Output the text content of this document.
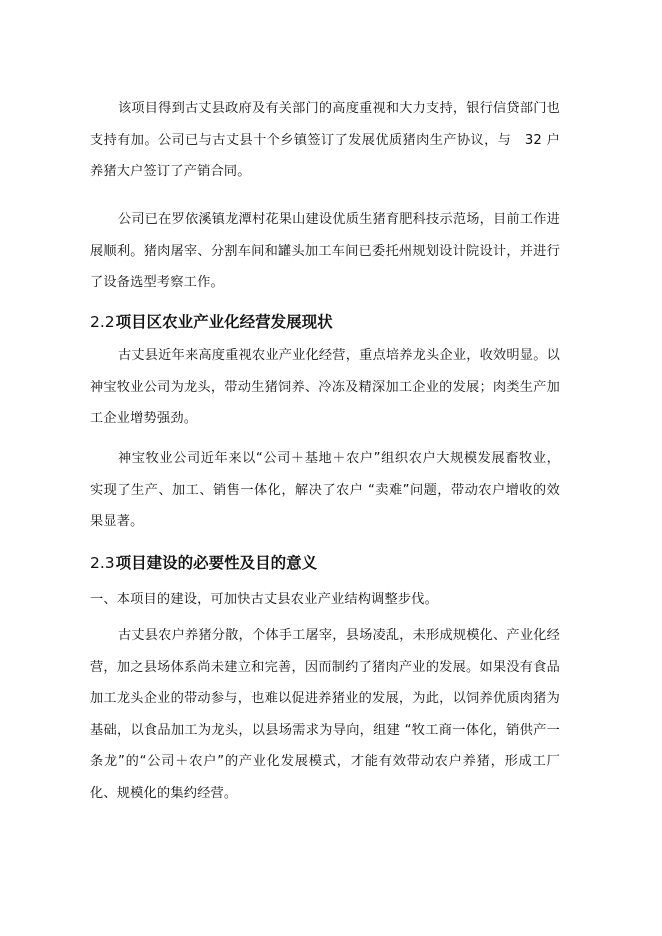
该项目得到古丈县政府及有关部门的高度重视和大力支持，银行信贷部门也支持有加。公司已与古丈县十个乡镇签订了发展优质猪肉生产协议，与　32 户养猪大户签订了产销合同。

公司已在罗依溪镇龙潭村花果山建设优质生猪育肥科技示范场，目前工作进展顺利。猪肉屠宰、分割车间和罐头加工车间已委托州规划设计院设计，并进行了设备选型考察工作。

2.2项目区农业产业化经营发展现状

古丈县近年来高度重视农业产业化经营，重点培养龙头企业，收效明显。以神宝牧业公司为龙头，带动生猪饲养、冷冻及精深加工企业的发展；肉类生产加工企业增势强劲。

神宝牧业公司近年来以“公司＋基地＋农户”组织农户大规模发展畜牧业，实现了生产、加工、销售一体化，解决了农户 “卖难”问题，带动农户增收的效果显著。

2.3项目建设的必要性及目的意义

一、本项目的建设，可加快古丈县农业产业结构调整步伐。

古丈县农户养猪分散，个体手工屠宰，县场凌乱，未形成规模化、产业化经营，加之县场体系尚未建立和完善，因而制约了猪肉产业的发展。如果没有食品加工龙头企业的带动参与，也难以促进养猪业的发展，为此，以饲养优质肉猪为基础，以食品加工为龙头，以县场需求为导向，组建 “牧工商一体化，销供产一条龙”的“公司＋农户”的产业化发展模式，才能有效带动农户养猪，形成工厂化、规模化的集约经营。
